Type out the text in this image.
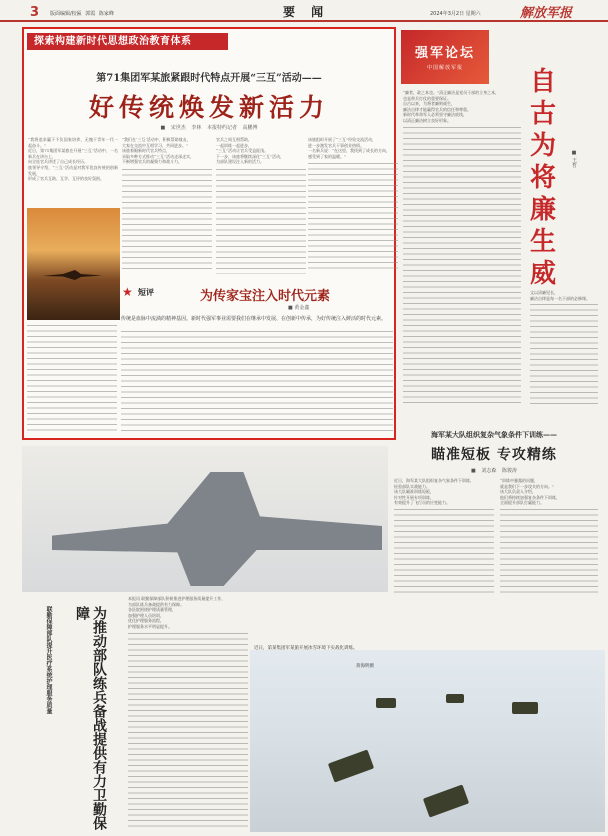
3 版面编辑/校匾 郭霞 陈家峰	要 闻	2024年3月2日 星期六	解放军报
探索构建新时代思想政治教育体系
第71集团军某旅紧跟时代特点开展“三互”活动——
好传统焕发新活力
■ 宋世杰 李林 本报特约记者 高鹏博
“我将追求赢下不负国家培养，无愧于青年一代一起奋斗。”
近日，第71集团军某旅在开展“三互”活动中，一名新兵在讲台上，
向全连官兵讲述了自己成长经历。
旅领导介绍，“三互”活动是对我军优良传统的创新发展，
形成了官兵互助、互学、互评的良好氛围。
“我们在‘三互’活动中，积极帮助战友，
大家在交流中互相学习，共同进步。”
该旅着眼新时代官兵特点，
采取多种方式推动“三互”活动走深走实，
不断增强官兵的凝聚力和战斗力。
官兵之间互相帮助，
一起训练一起进步，
“三互”活动让官兵受益匪浅。
下一步，该旅将继续深化“三互”活动，
为部队建设注入新的活力。
该旅组织开展了“三互”经验交流活动，
进一步激发官兵干事创业热情。
一名新兵说：“在这里，我找到了成长的方向，
感受到了家的温暖。”
★ 短评	为传家宝注入时代元素
■ 黄金鑫
传统是血脉中流淌的精神基因。新时代强军事业需要我们在继承中发展、在创新中传承，为好传统注入鲜活的时代元素。
强军论坛
中国解放军报	自古为将廉生威
■ 王哲
“廉者，政之本也。”清正廉洁是党员干部的立身之本，
也是带兵打仗的重要保证。
自古以来，为将者廉则威生，
廉洁自律才能赢得官兵的信任和尊重。
新时代革命军人必须坚守廉洁底线，
以清正廉洁树立良好形象。
文以清廉见长，
廉洁自律是每一名干部的必修课。
海军某大队组织复杂气象条件下训练——
瞄准短板 专攻精练
■ 刘志森 陈骏涛
近日，海军某大队组织复杂气象条件下训练，
检验部队实战能力。
该大队瞄准训练短板，
针对性开展专项训练，
有效提升了飞行员的应变能力。
“训练中暴露的问题，
就是我们下一步攻关的方向。”
该大队负责人介绍，
他们将持续加强复杂条件下训练，
全面提升部队打赢能力。
联勤保障部队提升医疗系统护理服务质量	为推动部队练兵备战提供有力卫勤保障
本报讯 联勤保障部队积极推进护理服务质量提升工作，
为部队练兵备战提供有力保障。
各医院围绕护理质量管理，
加强护理人员培训，
优化护理服务流程，
护理服务水平明显提升。
近日，第某集团军某旅开展冰雪环境下实战化训练。
蒋海明摄
